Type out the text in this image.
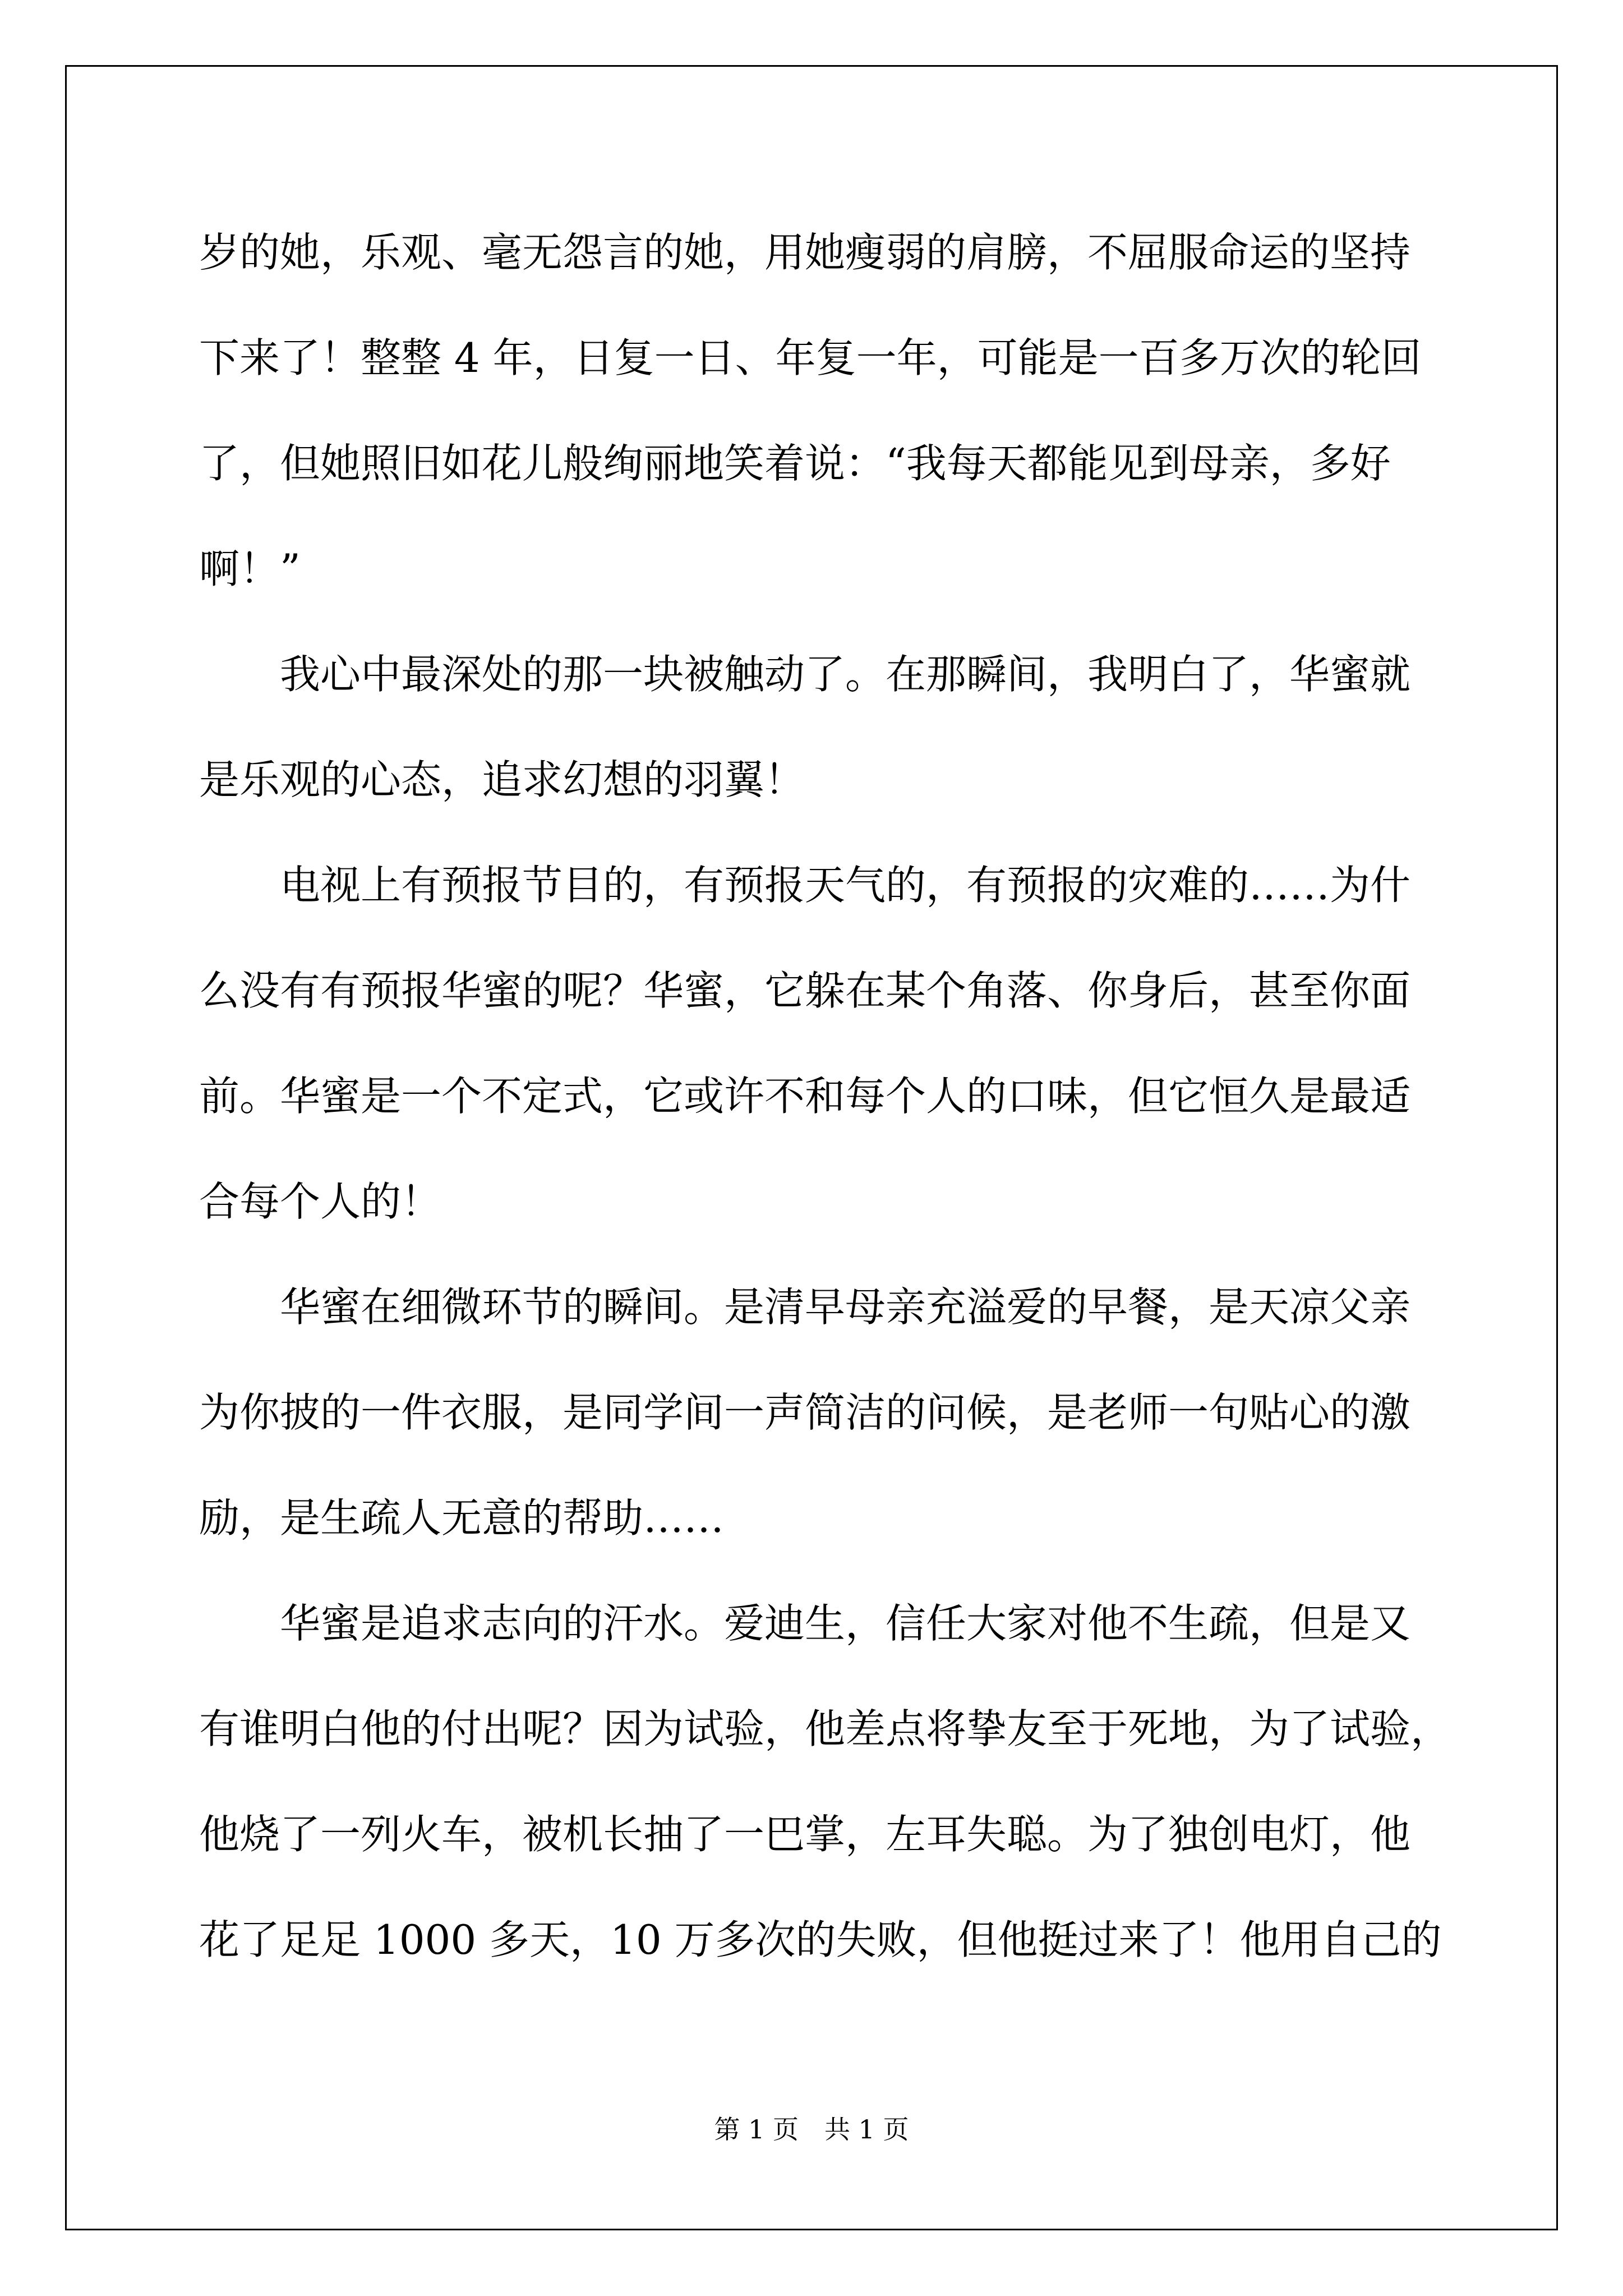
岁的她，乐观、毫无怨言的她，用她瘦弱的肩膀，不屈服命运的坚持
下来了！整整 4 年，日复一日、年复一年，可能是一百多万次的轮回
了，但她照旧如花儿般绚丽地笑着说：“我每天都能见到母亲，多好
啊！”
我心中最深处的那一块被触动了。在那瞬间，我明白了，华蜜就
是乐观的心态，追求幻想的羽翼！
电视上有预报节目的，有预报天气的，有预报的灾难的……为什
么没有有预报华蜜的呢？华蜜，它躲在某个角落、你身后，甚至你面
前。华蜜是一个不定式，它或许不和每个人的口味，但它恒久是最适
合每个人的！
华蜜在细微环节的瞬间。是清早母亲充溢爱的早餐，是天凉父亲
为你披的一件衣服，是同学间一声简洁的问候，是老师一句贴心的激
励，是生疏人无意的帮助……
华蜜是追求志向的汗水。爱迪生，信任大家对他不生疏，但是又
有谁明白他的付出呢？因为试验，他差点将挚友至于死地，为了试验，
他烧了一列火车，被机长抽了一巴掌，左耳失聪。为了独创电灯，他
花了足足 1000 多天，10 万多次的失败，但他挺过来了！他用自己的
第 1 页　共 1 页
